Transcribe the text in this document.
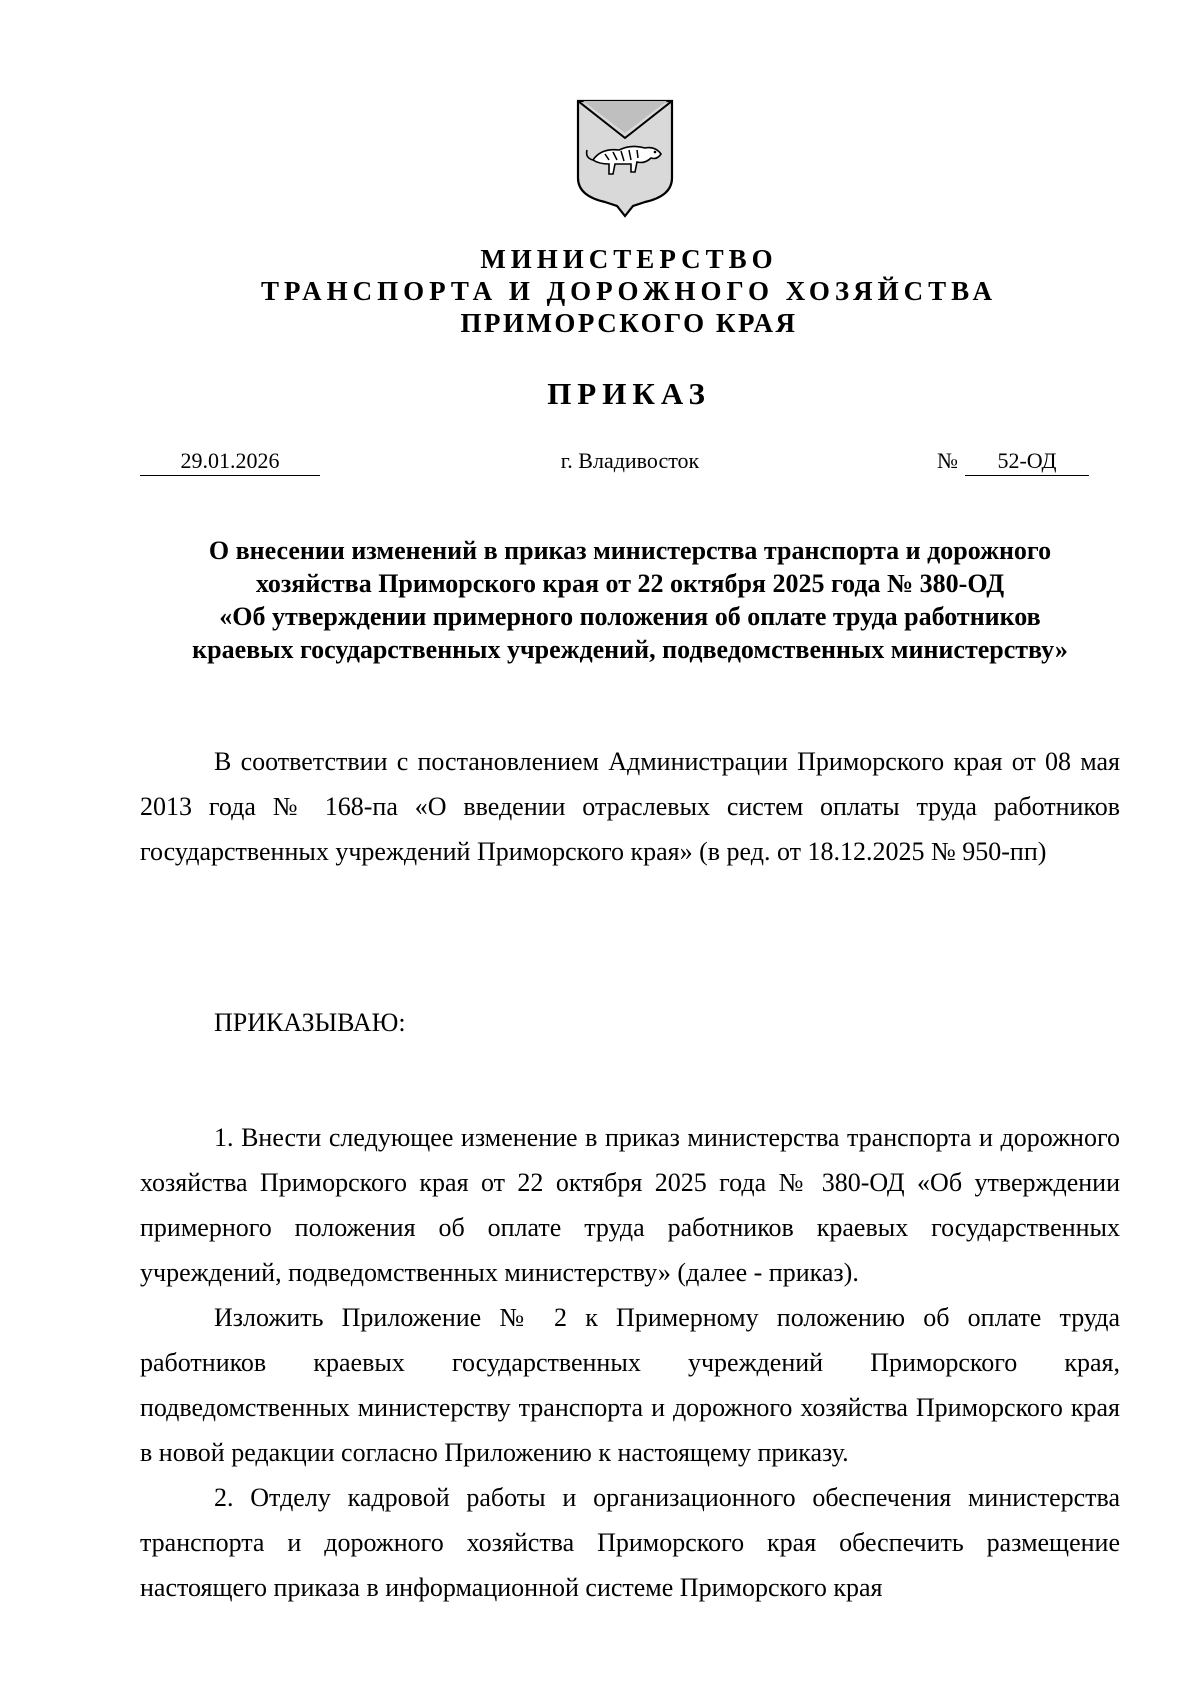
МИНИСТЕРСТВО
ТРАНСПОРТА И ДОРОЖНОГО ХОЗЯЙСТВА
ПРИМОРСКОГО КРАЯ
ПРИКАЗ
29.01.2026	г. Владивосток	№	52-ОД
О внесении изменений в приказ министерства транспорта и дорожного
хозяйства Приморского края от 22 октября 2025 года № 380-ОД
«Об утверждении примерного положения об оплате труда работников
краевых государственных учреждений, подведомственных министерству»
В соответствии с постановлением Администрации Приморского края от 08 мая 2013 года № 168-па «О введении отраслевых систем оплаты труда работников государственных учреждений Приморского края» (в ред. от 18.12.2025 № 950-пп)
ПРИКАЗЫВАЮ:
1. Внести следующее изменение в приказ министерства транспорта и дорожного хозяйства Приморского края от 22 октября 2025 года № 380-ОД «Об утверждении примерного положения об оплате труда работников краевых государственных учреждений, подведомственных министерству» (далее - приказ).
Изложить Приложение № 2 к Примерному положению об оплате труда работников краевых государственных учреждений Приморского края, подведомственных министерству транспорта и дорожного хозяйства Приморского края в новой редакции согласно Приложению к настоящему приказу.
2. Отделу кадровой работы и организационного обеспечения министерства транспорта и дорожного хозяйства Приморского края обеспечить размещение настоящего приказа в информационной системе Приморского края
